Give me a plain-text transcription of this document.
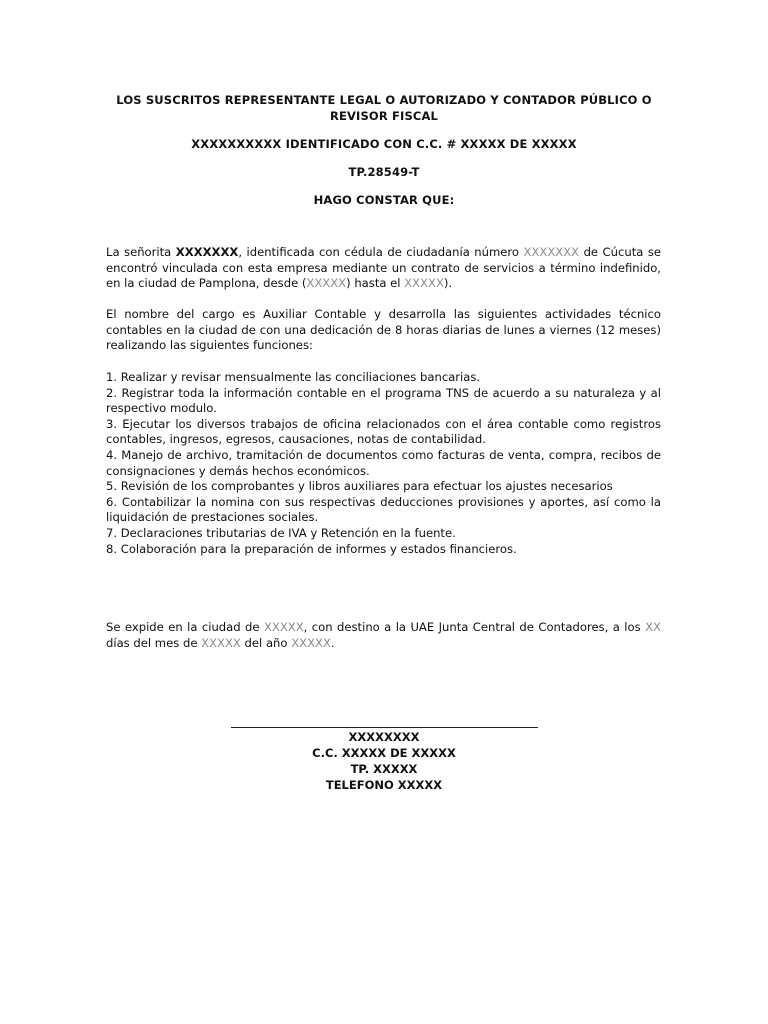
LOS SUSCRITOS REPRESENTANTE LEGAL O AUTORIZADO Y CONTADOR PÚBLICO O
REVISOR FISCAL
XXXXXXXXXX IDENTIFICADO CON C.C. # XXXXX DE XXXXX
TP.28549-T
HAGO CONSTAR QUE:

La señorita XXXXXXX, identificada con cédula de ciudadanía número XXXXXXX de Cúcuta se encontró vinculada con esta empresa mediante un contrato de servicios a término indefinido, en la ciudad de Pamplona, desde (XXXXX) hasta el XXXXX).

El nombre del cargo es Auxiliar Contable y desarrolla las siguientes actividades técnico contables en la ciudad de con una dedicación de 8 horas diarias de lunes a viernes (12 meses) realizando las siguientes funciones:

1. Realizar y revisar mensualmente las conciliaciones bancarias.
2. Registrar toda la información contable en el programa TNS de acuerdo a su naturaleza y al respectivo modulo.
3. Ejecutar los diversos trabajos de oficina relacionados con el área contable como registros contables, ingresos, egresos, causaciones, notas de contabilidad.
4. Manejo de archivo, tramitación de documentos como facturas de venta, compra, recibos de consignaciones y demás hechos económicos.
5. Revisión de los comprobantes y libros auxiliares para efectuar los ajustes necesarios
6. Contabilizar la nomina con sus respectivas deducciones provisiones y aportes, así como la liquidación de prestaciones sociales.
7. Declaraciones tributarias de IVA y Retención en la fuente.
8. Colaboración para la preparación de informes y estados financieros.

Se expide en la ciudad de XXXXX, con destino a la UAE Junta Central de Contadores, a los XX días del mes de XXXXX del año XXXXX.

XXXXXXXX
C.C. XXXXX DE XXXXX
TP. XXXXX
TELEFONO XXXXX
